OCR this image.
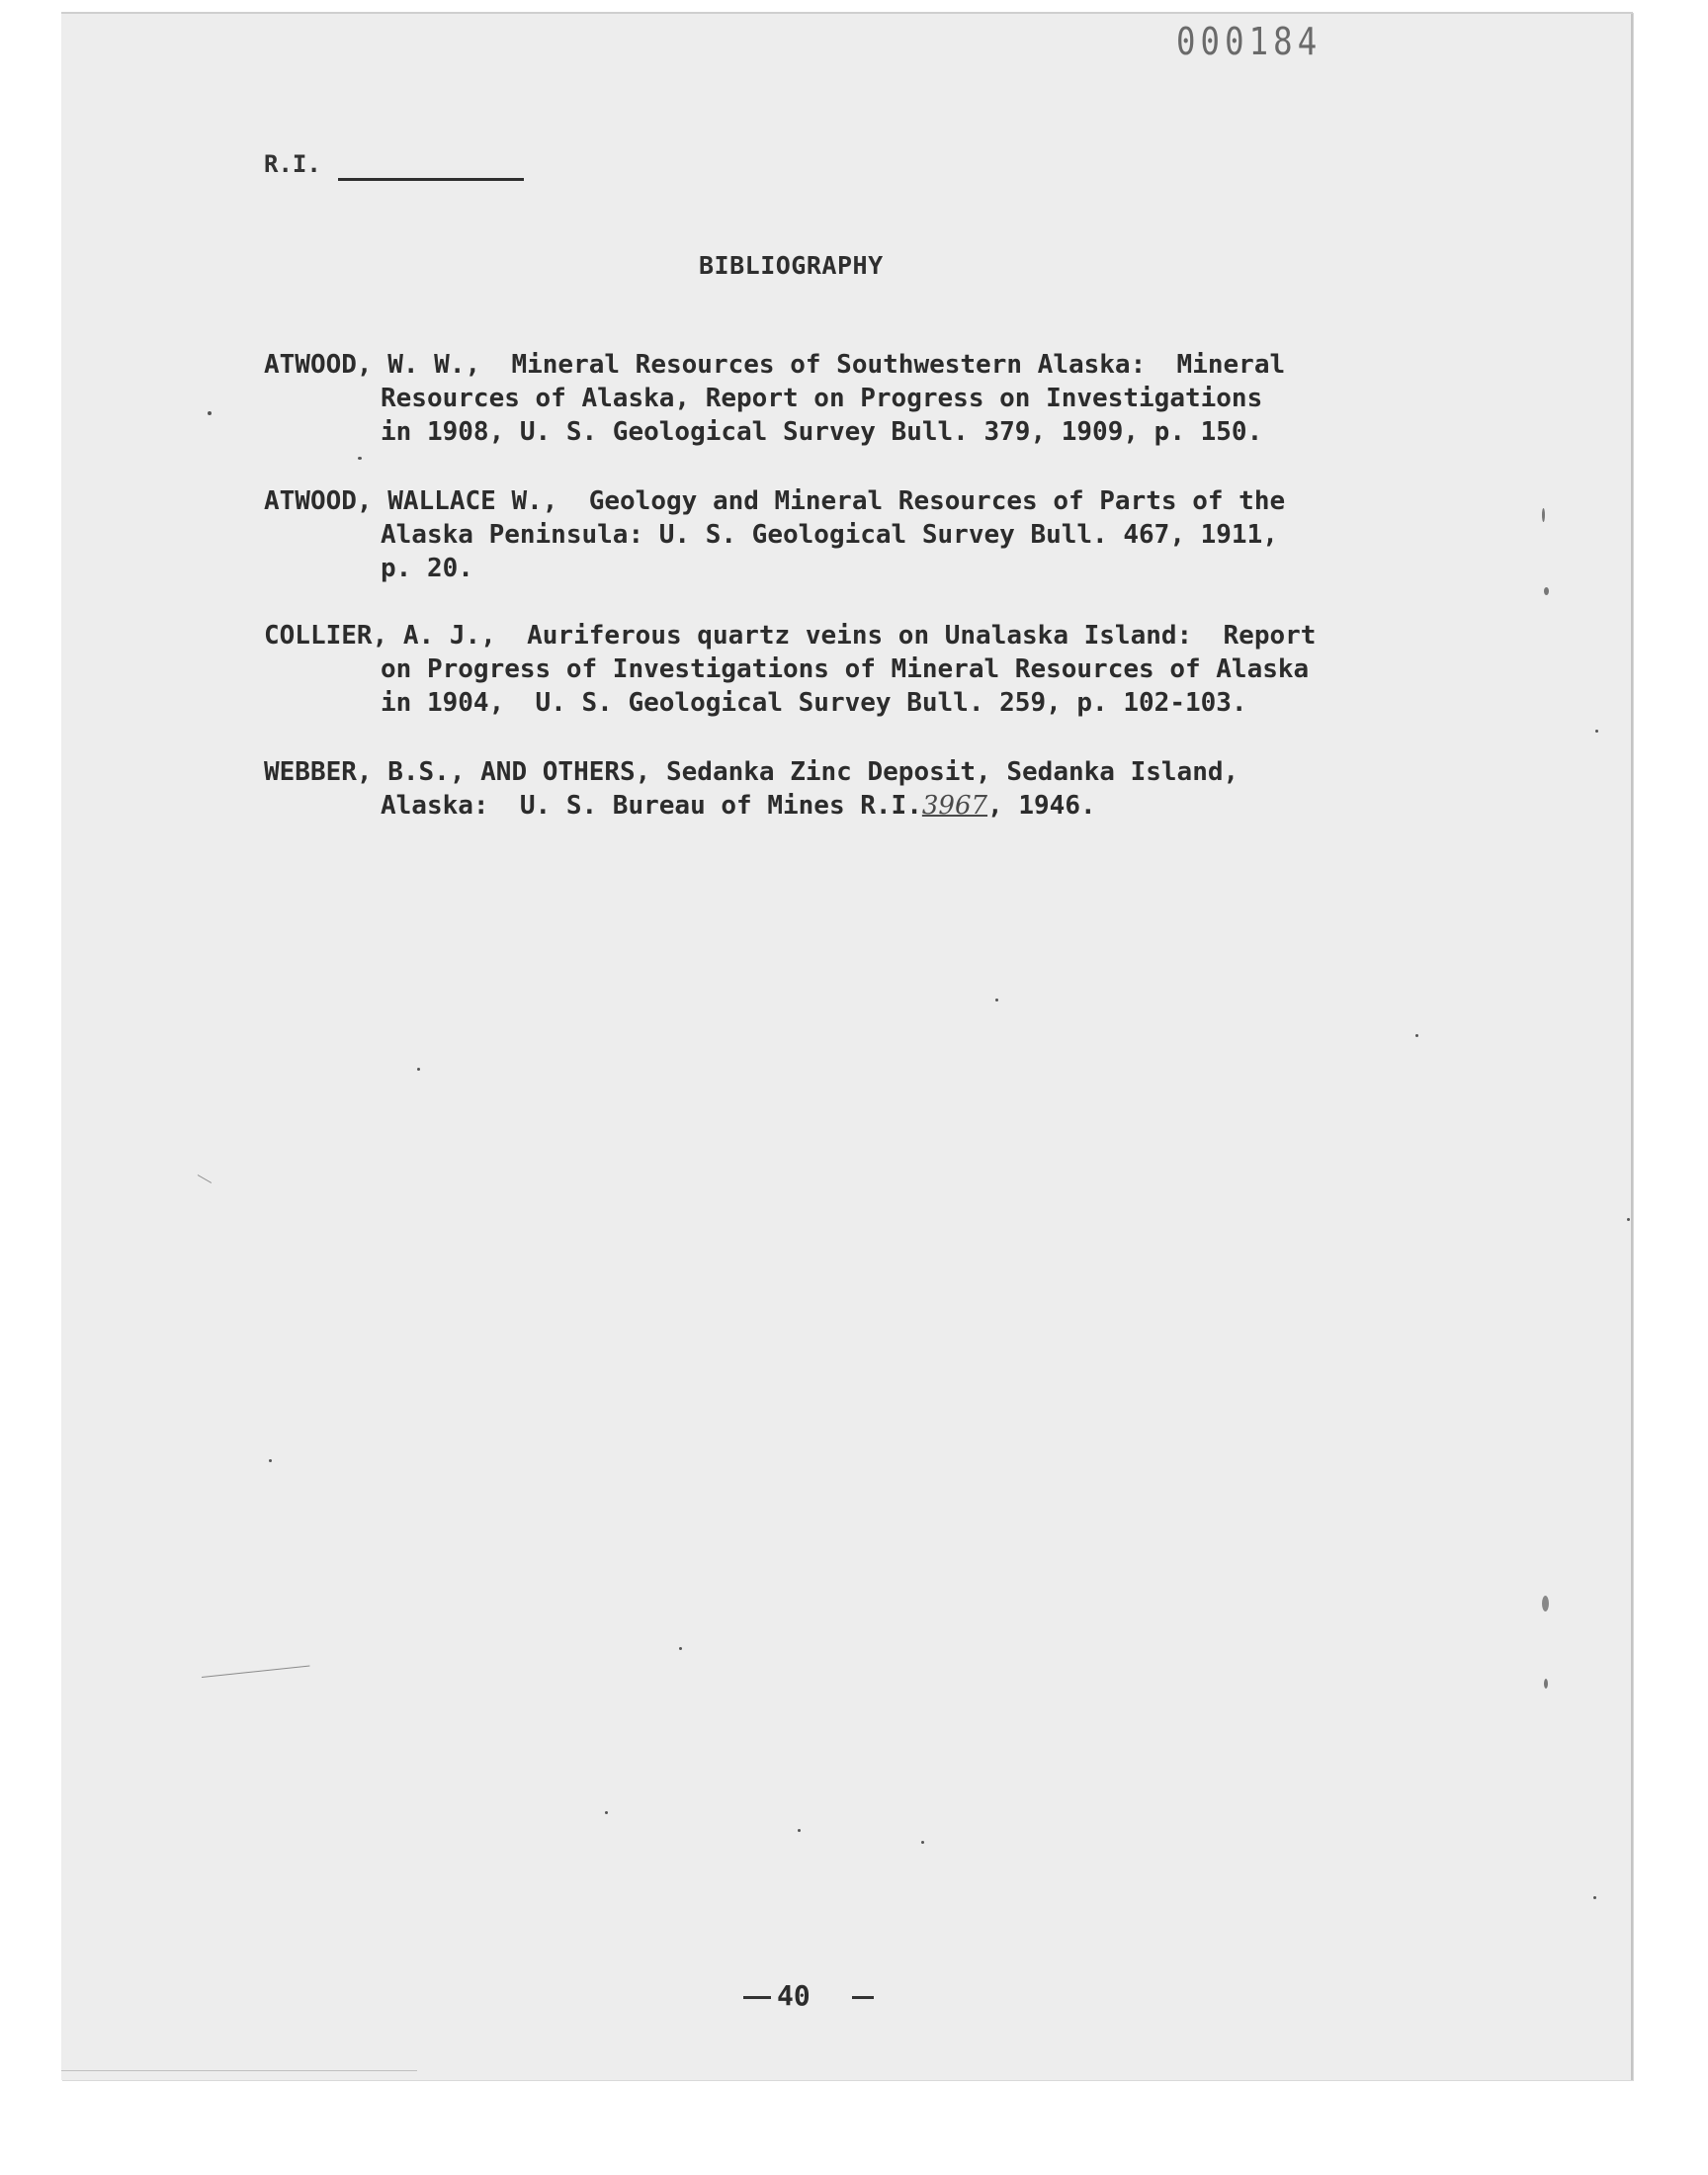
000184
R.I.
BIBLIOGRAPHY
ATWOOD, W. W.,  Mineral Resources of Southwestern Alaska:  Mineral
Resources of Alaska, Report on Progress on Investigations
in 1908, U. S. Geological Survey Bull. 379, 1909, p. 150.
ATWOOD, WALLACE W.,  Geology and Mineral Resources of Parts of the
Alaska Peninsula: U. S. Geological Survey Bull. 467, 1911,
p. 20.
COLLIER, A. J.,  Auriferous quartz veins on Unalaska Island:  Report
on Progress of Investigations of Mineral Resources of Alaska
in 1904,  U. S. Geological Survey Bull. 259, p. 102-103.
WEBBER, B.S., AND OTHERS, Sedanka Zinc Deposit, Sedanka Island,
Alaska:  U. S. Bureau of Mines R.I.3967, 1946.
40
